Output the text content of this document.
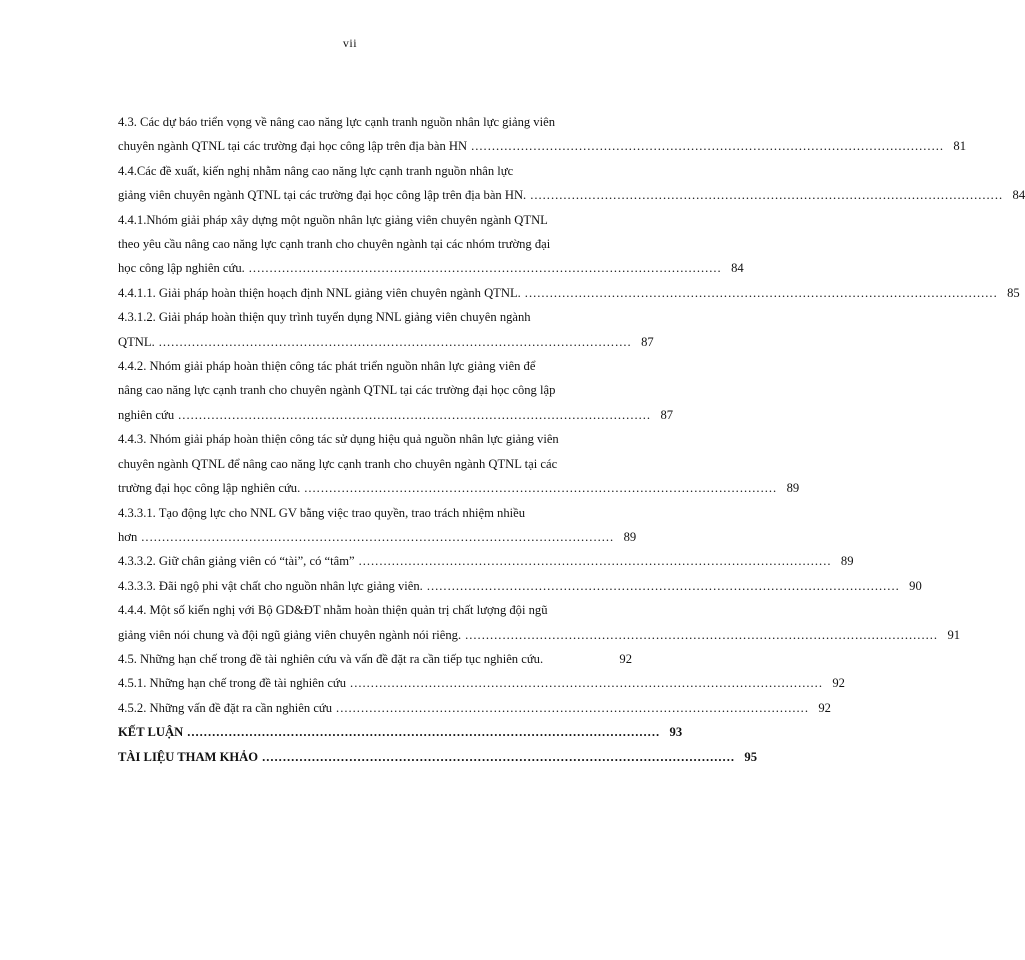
vii
4.3. Các dự báo triển vọng về nâng cao năng lực cạnh tranh nguồn nhân lực giảng viên
chuyên ngành QTNL tại các trường đại học công lập trên địa bàn HN .................................................................................................................. 81
4.4.Các đề xuất, kiến nghị nhằm nâng cao năng lực cạnh tranh nguồn nhân lực
giảng viên chuyên ngành QTNL tại các trường đại học công lập trên địa bàn HN. .................................................................................................................. 84
4.4.1.Nhóm giải pháp xây dựng một nguồn nhân lực giảng viên chuyên ngành QTNL
theo yêu cầu nâng cao năng lực cạnh tranh cho chuyên ngành tại các nhóm trường đại
học công lập nghiên cứu. .................................................................................................................. 84
4.4.1.1. Giải pháp hoàn thiện hoạch định NNL giảng viên chuyên ngành QTNL. .................................................................................................................. 85
4.3.1.2. Giải pháp hoàn thiện quy trình tuyển dụng NNL giảng viên chuyên ngành
QTNL. .................................................................................................................. 87
4.4.2. Nhóm giải pháp hoàn thiện công tác phát triển nguồn nhân lực giảng viên để
nâng cao năng lực cạnh tranh cho chuyên ngành QTNL tại các trường đại học công lập
nghiên cứu .................................................................................................................. 87
4.4.3. Nhóm giải pháp hoàn thiện công tác sử dụng hiệu quả nguồn nhân lực giảng viên
chuyên ngành QTNL để nâng cao năng lực cạnh tranh cho chuyên ngành QTNL tại các
trường đại học công lập nghiên cứu. .................................................................................................................. 89
4.3.3.1. Tạo động lực cho NNL GV bằng việc trao quyền, trao trách nhiệm nhiều
hơn .................................................................................................................. 89
4.3.3.2. Giữ chân giảng viên có “tài”, có “tâm” .................................................................................................................. 89
4.3.3.3. Đãi ngộ phi vật chất cho nguồn nhân lực giảng viên. .................................................................................................................. 90
4.4.4. Một số kiến nghị với Bộ GD&ĐT nhằm hoàn thiện quản trị chất lượng đội ngũ
giảng viên nói chung và đội ngũ giảng viên chuyên ngành nói riêng. .................................................................................................................. 91
4.5. Những hạn chế trong đề tài nghiên cứu và vấn đề đặt ra cần tiếp tục nghiên cứu.	92
4.5.1. Những hạn chế trong đề tài nghiên cứu .................................................................................................................. 92
4.5.2. Những vấn đề đặt ra cần nghiên cứu .................................................................................................................. 92
KẾT LUẬN .................................................................................................................. 93
TÀI LIỆU THAM KHẢO .................................................................................................................. 95
